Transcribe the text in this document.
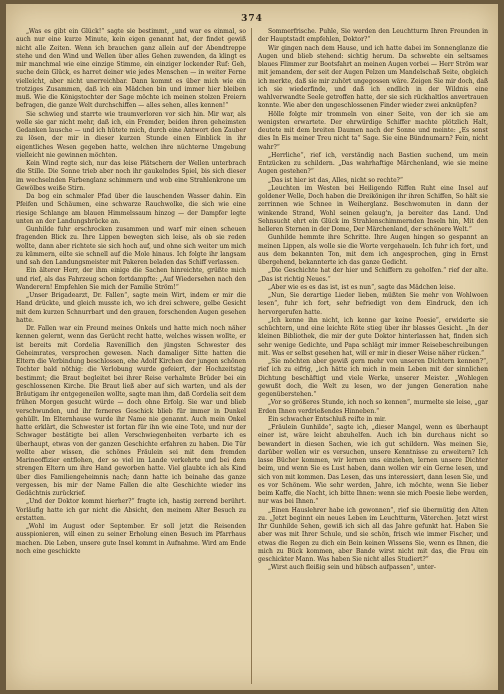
374

„Was es gibt ein Glück!“ sagte sie bestimmt, „und war es einmal, so auch nur eine kurze Minute, kein eigen genannt hat, der findet gewiß nicht alle Zeiten. Wenn ich brauchen ganz allein auf der Abendtreppe stehe und den Wind und Wellen über alles Gehen zuwenden, da klingt es mir manchmal wie eine einzige Stimme, ein einziger lockender Ruf: Geh, suche dein Glück, es harret deiner wie jedes Menschen — in weiter Ferne vielleicht, aber nicht unerreichbar. Dann kommt es über mich wie ein trotziges Zusammen, daß ich ein Mädchen bin und immer hier bleiben muß. Wie die Königstochter der Sage möchte ich meinen stolzen Freiern befragen, die ganze Welt durchschiffen — alles sehen, alles kennen!“

Sie schwieg und starrte wie traumverloren vor sich hin. Mir war, als wolle sie gar nicht mehr, daß ich, ein Fremder, beiden ihren geheimsten Gedanken lausche — und ich hütete mich, durch eine Antwort den Zauber zu lösen, der mir in dieser kurzen Stunde einen Einblick in ihr eigentliches Wesen gegeben hatte, welchen ihre nüchterne Umgebung vielleicht nie gewinnen möchten.

Kein Wind regte sich, nur das leise Plätschern der Wellen unterbrach die Stille. Die Sonne trieb aber noch ihr gaukelndes Spiel, bis sich dieser im wechselnden Farbenglanz schimmern und wob eine Strahlenkrone um Gewölbes weiße Stirn.

Da bog ein schmaler Pfad über die lauschenden Wasser dahin. Ein Pfeifen und Schäumen, eine schwarze Rauchwolke, die sich wie eine riesige Schlange am blauen Himmelssaum hinzog — der Dampfer legte unten an der Landungsbrücke an.

Gunhilde fuhr erschrocken zusammen und warf mir einen scheuen fragenden Blick zu. Ihre Lippen bewegten sich leise, als ob sie reden wollte, dann aber richtete sie sich hoch auf, und ohne sich weiter um mich zu kümmern, eilte sie schnell auf die Mole hinaus. Ich folgte ihr langsam und sah den Landungsmeister mit Pakeren beladen das Schiff verlassen.

Ein älterer Herr, der ihm einige die Sachen hinreichte, grüßte mich und rief, als das Fahrzeug schon fortdampfte: „Auf Wiedersehen nach den Wanderern! Empfehlen Sie mich der Familie Ström!“

„Unser Brigadearzt, Dr. Fallen“, sagte mein Wirt, indem er mir die Hand drückte, und gleich musste ich, wo ich drei schwere, gelbe Gesicht mit dem kurzen Schnurrbart und den grauen, forschenden Augen gesehen hatte.

Dr. Fallen war ein Freund meines Onkels und hatte mich noch näher kennen gelernt, wenn das Gerücht recht hatte, welches wissen wollte, er ist bereits mit Cordelia Ravenillich den jüngsten Schwester des Geheimrates, versprochen gewesen. Nach damaliger Sitte hatten die Eltern die Verbindung beschlossen, ehe Adolf Kirchen der jungen schönen Tochter bald nöthig: die Verlobung wurde gefeiert, der Hochzeitstag bestimmt; die Braut begleitet bei ihrer Reise verhalmte Brüder bei ein geschlossenen Kirche. Die Braut ließ aber auf sich warten, und als der Bräutigam ihr entgegeneilen wollte, sagte man ihm, daß Cordelia seit dem frühen Morgen gesucht würde — doch ohne Erfolg. Sie war und blieb verschwunden, und ihr ferneres Geschick blieb für immer in Dunkel gehüllt. Im Elternhause wurde ihr Name nie genannt. Auch mein Onkel hatte erklärt, die Schwester ist fortan für ihn wie eine Tote, und nur der Schwager bestätigte bei allen Verschwiegenheiten verbarte ich es überhaupt, etwas von der ganzen Geschichte erfahren zu haben. Die Tür wollte aber wissen, die schönes Fräulein sei mit dem fremden Marineoffizier entflohen, der so viel im Lande verkehrte und bei dem strengen Eltern um ihre Hand geworben hatte. Viel glaubte ich als Kind über dies Familiengeheimnis nach; dann hatte ich beinahe das ganze vergessen, bis mir der Name Fallen die alte Geschichte wieder ins Gedächtnis zurückrief.

„Und der Doktor kommt hierher?“ fragte ich, hastig zerrend berührt. Vorläufig hatte ich gar nicht die Absicht, den meinem Alter Besuch zu erstatten.

„Wohl im August oder September. Er soll jetzt die Reisenden ausspionieren, will einen zu seiner Erholung einen Besuch im Pfarrhaus machen. Die Leben, unsere gute Insel kommt in Aufnahme. Wird am Ende noch eine geschickte

Sommerfrische. Puhle, Sie werden den Leuchtturm Ihren Freunden in der Hauptstadt empfehlen, Doktor?“

Wir gingen nach dem Hause, und ich hatte dabei im Sonnenglanze die Augen und blieb stehend: sichtig herum. Da schwebte ein seltsames blaues Flimmer zur Bootsfahrt an meinen Augen vorbei — Herr Ström war mit jemandem, der seit der Augen Pelzen um Mandelschaß Seite, obgleich ich merkte, daß sie mir zuhört ungegossen wäre. Zeigen Sie mir doch, daß ich sie wiederfinde, und daß ich endlich in der Wildnis eine wahlverwandte Seele getroffen hatte, der sie sich rückhaltlos anvertrauen konnte. Wie aber den ungeschlossenen Finder wieder zwei anknüpfen?

Hölle folgte mir trommeln von einer Seite, von der ich sie am wenigsten erwartete. Der ehrwürdige Schiffer machte plötzlich Halt, deutete mit dem breiten Daumen nach der Sonne und meinte: „Es sonst dies In Eis meiner Treu nicht ta“ Sage. Sie eine Bündnumarn? Fein, nicht wahr?“

„Herrliche“, rief ich, verständig nach Bastien suchend, um mein Entzücken zu schildern. „Das wahrhaftige Märchenland, wie sie meine Augen gestehen?“

„Das ist hier ist das, Alles, nicht so rechte?“

„Leuchten im Westen bei Heiligendo Riffen Ruht eine Insel auf goldener Welle, Doch haben die Dreikönigen ihr ihren Schiffen, So hält sie zerrinnen wie Schnee in Weiherglanz. Beschwomuten in dann der winkende Strand, Wohl seinen gelaug'n, ja bereiter das Land. Und Sehnsucht ehrt ein Glück im Strahlenschimmernden Inseln hin, Mit den helleren Sternen in der Dome, Der Märchenland, der schönere Welt.“

Gunhilde hemmte ihre Schritte. Ihre Augen hingen so gespannt an meinen Lippen, als wolle sie die Worte vergehaueln. Ich fuhr ich fort, und aus dem bekannten Ton, mit dem ich angesprochen, ging in Ernst übergehend, bekannterte ich das ganze Gedicht.

„Die Geschichte hat der hier und Schiffern zu geholfen.“ rief der alte. „Das ist richtig Neues.“

„Aber wie es es das ist, ist es nun“, sagte das Mädchen leise.

„Nun, Sie derartige Lieder lieben, müßten Sie mehr von Wohlwoen lesen“, fuhr ich fort, sehr befriedigt von dem Eindruck, den ich hervorgerufen hatte.

„Ich kenne ihn nicht, ich kenne gar keine Poesie“, erwiderte sie schüchtern, und eine leichte Röte stieg über ihr blasses Gesicht. „In der kleinen Bibliothek, die mir der gute Doktor hinterlassen hat, finden sich sehr wenige Gedichte, und Papa schlägt mir immer Reisebeschreibungen mit. Was er selbst gesehen hat, will er mir in dieser Weise näher rücken.“

„Sie möchten aber gewiß gern mehr von unseren Dichtern kennen?“, rief ich zu eifrig, „ich hätte ich mich in mein Leben mit der sinnlichen Dichtung beschäftigt und viele Werke, unserer Meister. „Wohlegen gewußt doch, die Welt zu lesen, wo der jungen Generation nahe gegenüberstehen.“

„Vor so größeres Stunde, ich noch so kennen“, murmelte sie leise, „gar Erden Ihnen verdrießendes Hinneben.“

Ein schwacher Entschluß reifte in mir.

„Fräulein Gunhilde“, sagte ich, „dieser Mangel, wenn es überhaupt einer ist, wäre leicht abzuhelfen. Auch ich bin durchaus nicht so bewandert in diesen Sachen, wie ich gut schildern. Was meinen Sie, darüber wollen wir es versuchen, unsere Kenntnisse zu erweitern? Ich lasse Bücher kommen, wir lernen uns einziehen, lernen unsere Dichter beim, und wenn Sie es Lust haben, dann wollen wir ein Gerne lesen, und sich von mit kommen. Das Lesen, das uns interessiert, dann lesen Sie, und es vor Schönem. Wie sehr werden, Jahre, ich möchte, wenn Sie lieber beim Kaffe, die Nacht, ich bitte Ihnen: wenn sie mich Poesie liebe werden, nur was bei Ihnen.“

„Einen Hauslehrer habe ich gewonnen“, rief sie übermütig den Alten zu. „Jetzt beginnt ein neues Leben im Leuchtturm, Väterchen. Jetzt wirst Ihr Gunhilde Sehen, gewiß ich sich all das Jahre gefunkt hat. Haben Sie aber was mit Ihrer Schule, und sie schön, frisch wie immer Fischer, und etwas die Regen zu dich ein Bein keinen Wissens Sie, wenn es Ihnen, die mich zu Bück kommen, aber Bande wirst nicht mit das, die Frau ein geschickter Mann. Was haben Sie nicht alles Studiert?“

„Wirst auch fleißig sein und hübsch aufpassen“, unter-
